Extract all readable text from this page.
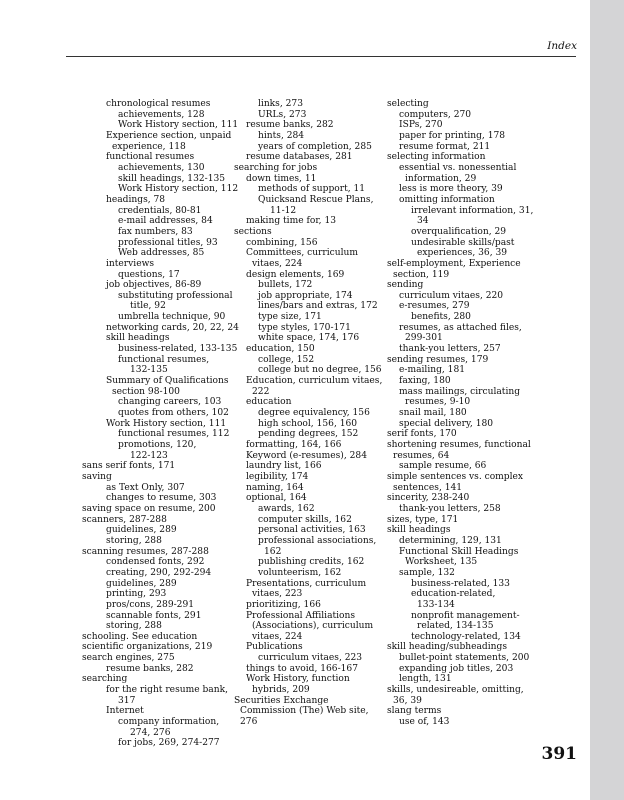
Index
chronological resumes
achievements, 128
Work History section, 111
Experience section, unpaid
experience, 118
functional resumes
achievements, 130
skill headings, 132-135
Work History section, 112
headings, 78
credentials, 80-81
e-mail addresses, 84
fax numbers, 83
professional titles, 93
Web addresses, 85
interviews
questions, 17
job objectives, 86-89
substituting professional
title, 92
umbrella technique, 90
networking cards, 20, 22, 24
skill headings
business-related, 133-135
functional resumes,
132-135
Summary of Qualifications
section 98-100
changing careers, 103
quotes from others, 102
Work History section, 111
functional resumes, 112
promotions, 120,
122-123
sans serif fonts, 171
saving
as Text Only, 307
changes to resume, 303
saving space on resume, 200
scanners, 287-288
guidelines, 289
storing, 288
scanning resumes, 287-288
condensed fonts, 292
creating, 290, 292-294
guidelines, 289
printing, 293
pros/cons, 289-291
scannable fonts, 291
storing, 288
schooling. See education
scientific organizations, 219
search engines, 275
resume banks, 282
searching
for the right resume bank,
317
Internet
company information,
274, 276
for jobs, 269, 274-277
links, 273
URLs, 273
resume banks, 282
hints, 284
years of completion, 285
resume databases, 281
searching for jobs
down times, 11
methods of support, 11
Quicksand Rescue Plans,
11-12
making time for, 13
sections
combining, 156
Committees, curriculum
vitaes, 224
design elements, 169
bullets, 172
job appropriate, 174
lines/bars and extras, 172
type size, 171
type styles, 170-171
white space, 174, 176
education, 150
college, 152
college but no degree, 156
Education, curriculum vitaes,
222
education
degree equivalency, 156
high school, 156, 160
pending degrees, 152
formatting, 164, 166
Keyword (e-resumes), 284
laundry list, 166
legibility, 174
naming, 164
optional, 164
awards, 162
computer skills, 162
personal activities, 163
professional associations,
162
publishing credits, 162
volunteerism, 162
Presentations, curriculum
vitaes, 223
prioritizing, 166
Professional Affiliations
(Associations), curriculum
vitaes, 224
Publications
curriculum vitaes, 223
things to avoid, 166-167
Work History, function
hybrids, 209
Securities Exchange
Commission (The) Web site,
276
selecting
computers, 270
ISPs, 270
paper for printing, 178
resume format, 211
selecting information
essential vs. nonessential
information, 29
less is more theory, 39
omitting information
irrelevant information, 31,
34
overqualification, 29
undesirable skills/past
experiences, 36, 39
self-employment, Experience
section, 119
sending
curriculum vitaes, 220
e-resumes, 279
benefits, 280
resumes, as attached files,
299-301
thank-you letters, 257
sending resumes, 179
e-mailing, 181
faxing, 180
mass mailings, circulating
resumes, 9-10
snail mail, 180
special delivery, 180
serif fonts, 170
shortening resumes, functional
resumes, 64
sample resume, 66
simple sentences vs. complex
sentences, 141
sincerity, 238-240
thank-you letters, 258
sizes, type, 171
skill headings
determining, 129, 131
Functional Skill Headings
Worksheet, 135
sample, 132
business-related, 133
education-related,
133-134
nonprofit management-
related, 134-135
technology-related, 134
skill heading/subheadings
bullet-point statements, 200
expanding job titles, 203
length, 131
skills, undesireable, omitting,
36, 39
slang terms
use of, 143
391
